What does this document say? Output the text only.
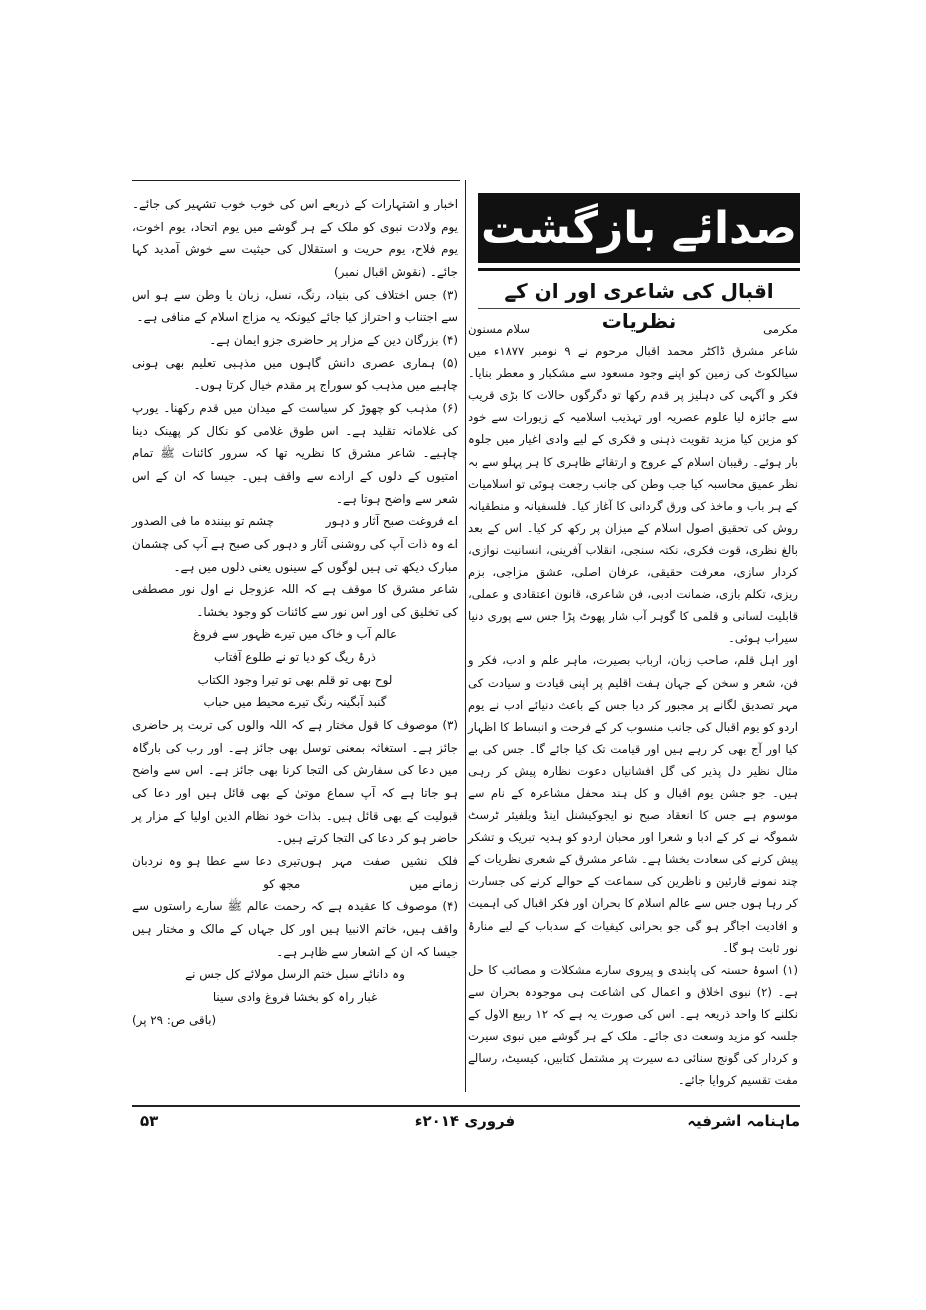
صدائے بازگشت
اقبال کی شاعری اور ان کے نظریات	مکرمی
سلام مسنون

شاعر مشرق ڈاکٹر محمد اقبال مرحوم نے ۹ نومبر ۱۸۷۷ء میں سیالکوٹ کی زمین کو اپنے وجود مسعود سے مشکبار و معطر بنایا۔ فکر و آگہی کی دہلیز پر قدم رکھا تو دگرگوں حالات کا بڑی قریب سے جائزہ لیا علوم عصریہ اور تہذیب اسلامیہ کے زیورات سے خود کو مزین کیا مزید تقویت ذہنی و فکری کے لیے وادی اغیار میں جلوہ بار ہوئے۔ رقیبان اسلام کے عروج و ارتقائے ظاہری کا ہر پہلو سے بہ نظر عمیق محاسبہ کیا جب وطن کی جانب رجعت ہوئی تو اسلامیات کے ہر باب و ماخذ کی ورق گردانی کا آغاز کیا۔ فلسفیانہ و منطقیانہ روش کی تحقیق اصول اسلام کے میزان پر رکھ کر کیا۔ اس کے بعد بالغ نظری، قوت فکری، نکتہ سنجی، انقلاب آفرینی، انسانیت نوازی، کردار سازی، معرفت حقیقی، عرفان اصلی، عشق مزاجی، بزم ریزی، تکلم بازی، ضمانت ادبی، فن شاعری، قانون اعتقادی و عملی، قابلیت لسانی و قلمی کا گوہر آب شار پھوٹ پڑا جس سے پوری دنیا سیراب ہوئی۔

اور اہل قلم، صاحب زبان، ارباب بصیرت، ماہر علم و ادب، فکر و فن، شعر و سخن کے جہان ہفت اقلیم پر اپنی قیادت و سیادت کی مہر تصدیق لگانے پر مجبور کر دیا جس کے باعث دنیائے ادب نے یوم اردو کو یوم اقبال کی جانب منسوب کر کے فرحت و انبساط کا اظہار کیا اور آج بھی کر رہے ہیں اور قیامت تک کیا جائے گا۔ جس کی بے مثال نظیر دل پذیر کی گل افشانیاں دعوت نظارہ پیش کر رہی ہیں۔ جو جشن یوم اقبال و کل ہند محفل مشاعرہ کے نام سے موسوم ہے جس کا انعقاد صبح نو ایجوکیشنل اینڈ ویلفیئر ٹرسٹ شموگہ نے کر کے ادبا و شعرا اور محبان اردو کو ہدیہ تبریک و تشکر پیش کرنے کی سعادت بخشا ہے۔ شاعر مشرق کے شعری نظریات کے چند نمونے قارئین و ناظرین کی سماعت کے حوالے کرنے کی جسارت کر رہا ہوں جس سے عالم اسلام کا بحران اور فکر اقبال کی اہمیت و افادیت اجاگر ہو گی جو بحرانی کیفیات کے سدباب کے لیے منارۂ نور ثابت ہو گا۔

(۱) اسوۂ حسنہ کی پابندی و پیروی سارے مشکلات و مصائب کا حل ہے۔ (۲) نبوی اخلاق و اعمال کی اشاعت ہی موجودہ بحران سے نکلنے کا واحد ذریعہ ہے۔ اس کی صورت یہ ہے کہ ۱۲ ربیع الاول کے جلسہ کو مزید وسعت دی جائے۔ ملک کے ہر گوشے میں نبوی سیرت و کردار کی گونج سنائی دے سیرت پر مشتمل کتابیں، کیسیٹ، رسالے مفت تقسیم کروایا جائے۔

اخبار و اشتہارات کے ذریعے اس کی خوب خوب تشہیر کی جائے۔ یوم ولادت نبوی کو ملک کے ہر گوشے میں یوم اتحاد، یوم اخوت، یوم فلاح، یوم حریت و استقلال کی حیثیت سے خوش آمدید کہا جائے۔ (نقوش اقبال نمبر)

(۳) جس اختلاف کی بنیاد، رنگ، نسل، زبان یا وطن سے ہو اس سے اجتناب و احتراز کیا جائے کیونکہ یہ مزاج اسلام کے منافی ہے۔

(۴) بزرگان دین کے مزار پر حاضری جزو ایمان ہے۔

(۵) ہماری عصری دانش گاہوں میں مذہبی تعلیم بھی ہونی چاہیے میں مذہب کو سوراج پر مقدم خیال کرتا ہوں۔

(۶) مذہب کو چھوڑ کر سیاست کے میدان میں قدم رکھنا۔ یورپ کی غلامانہ تقلید ہے۔ اس طوق غلامی کو نکال کر پھینک دینا چاہیے۔ شاعر مشرق کا نظریہ تھا کہ سرور کائنات ﷺ تمام امتیوں کے دلوں کے ارادے سے واقف ہیں۔ جیسا کہ ان کے اس شعر سے واضح ہوتا ہے۔

اے فروغت صبح آثار و دہور
چشم تو بینندہ ما فی الصدور

اے وہ ذات آپ کی روشنی آثار و دہور کی صبح ہے آپ کی چشمان مبارک دیکھ تی ہیں لوگوں کے سینوں یعنی دلوں میں ہے۔

شاعر مشرق کا موقف ہے کہ اللہ عزوجل نے اول نور مصطفی کی تخلیق کی اور اس نور سے کائنات کو وجود بخشا۔

عالم آب و خاک میں تیرے ظہور سے فروغ

ذرۂ ریگ کو دیا تو نے طلوع آفتاب

لوح بھی تو قلم بھی تو تیرا وجود الکتاب

گنبد آبگینہ رنگ تیرے محیط میں حباب

(۳) موصوف کا قول مختار ہے کہ اللہ والوں کی تربت پر حاضری جائز ہے۔ استغاثہ بمعنی توسل بھی جائز ہے۔ اور رب کی بارگاہ میں دعا کی سفارش کی التجا کرنا بھی جائز ہے۔ اس سے واضح ہو جاتا ہے کہ آپ سماع موتیٰ کے بھی قائل ہیں اور دعا کی قبولیت کے بھی قائل ہیں۔ بذات خود نظام الدین اولیا کے مزار پر حاضر ہو کر دعا کی التجا کرتے ہیں۔

فلک نشیں صفت مہر ہوں زمانے میں
تیری دعا سے عطا ہو وہ نردبان مجھ کو

(۴) موصوف کا عقیدہ ہے کہ رحمت عالم ﷺ سارے راستوں سے واقف ہیں، خاتم الانبیا ہیں اور کل جہاں کے مالک و مختار ہیں جیسا کہ ان کے اشعار سے ظاہر ہے۔

وہ دانائے سبل ختم الرسل مولائے کل جس نے

غبار راہ کو بخشا فروغ وادی سینا

(باقی ص: ۲۹ پر)

ماہنامہ اشرفیہ
فروری ۲۰۱۴ء
۵۳
